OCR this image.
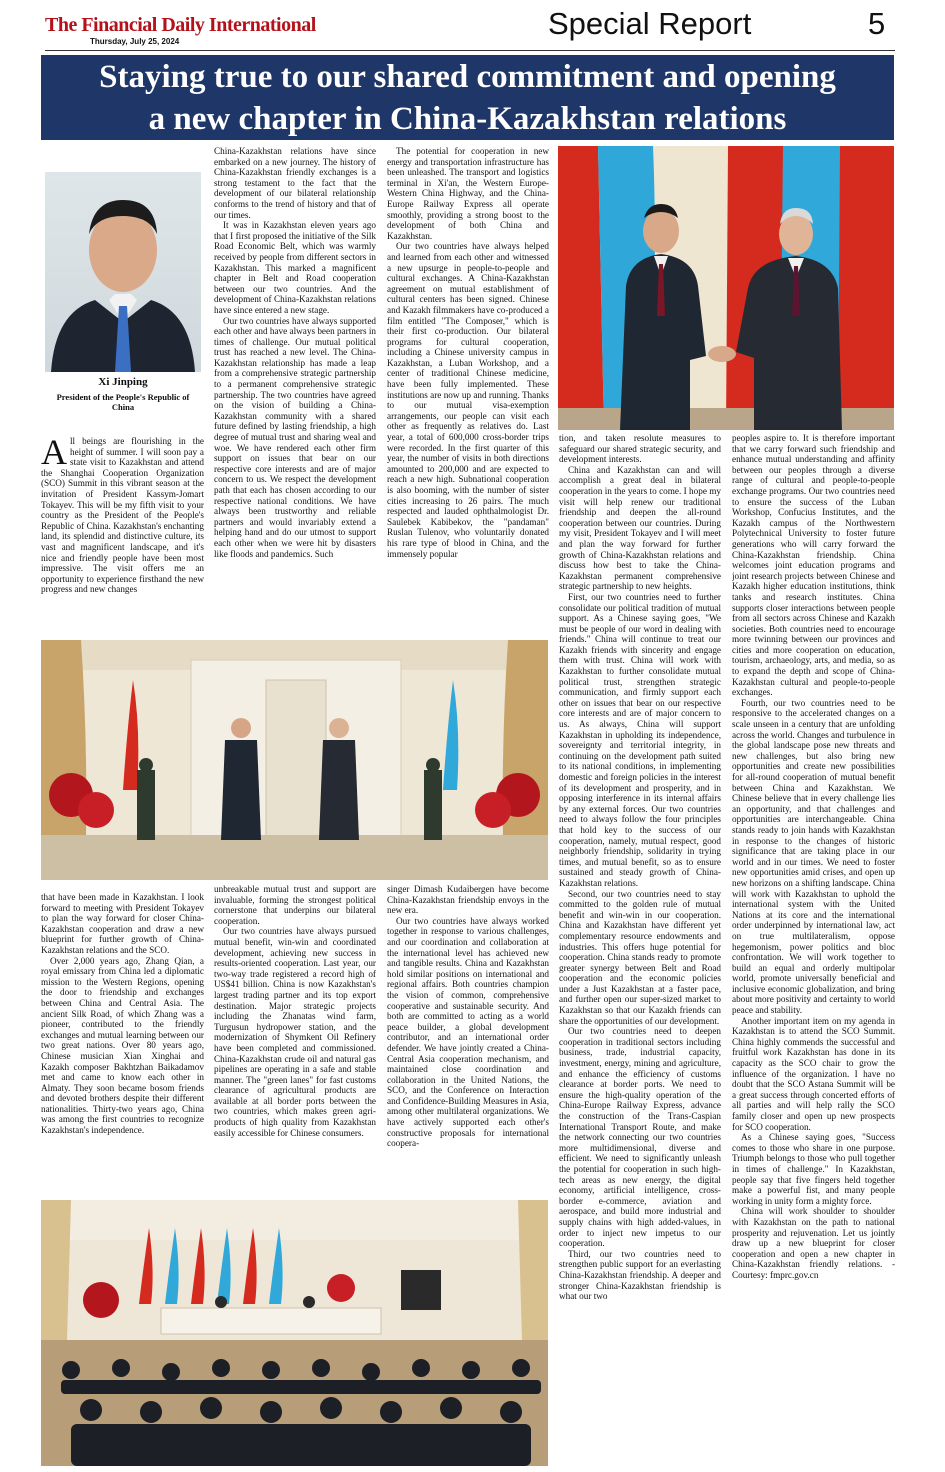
The Financial Daily International
Thursday, July 25, 2024
Special Report	5
Staying true to our shared commitment and opening
a new chapter in China-Kazakhstan relations
Xi Jinping
President of the People's Republic of China
All beings are flourishing in the height of summer. I will soon pay a state visit to Kazakhstan and attend the Shanghai Cooperation Organization (SCO) Summit in this vibrant season at the invitation of President Kassym-Jomart Tokayev. This will be my fifth visit to your country as the President of the People's Republic of China. Kazakhstan's enchanting land, its splendid and distinctive culture, its vast and magnificent landscape, and it's nice and friendly people have been most impressive. The visit offers me an opportunity to experience firsthand the new progress and new changes

China-Kazakhstan relations have since embarked on a new journey. The history of China-Kazakhstan friendly exchanges is a strong testament to the fact that the development of our bilateral relationship conforms to the trend of history and that of our times.

It was in Kazakhstan eleven years ago that I first proposed the initiative of the Silk Road Economic Belt, which was warmly received by people from different sectors in Kazakhstan. This marked a magnificent chapter in Belt and Road cooperation between our two countries. And the development of China-Kazakhstan relations have since entered a new stage.

Our two countries have always supported each other and have always been partners in times of challenge. Our mutual political trust has reached a new level. The China-Kazakhstan relationship has made a leap from a comprehensive strategic partnership to a permanent comprehensive strategic partnership. The two countries have agreed on the vision of building a China-Kazakhstan community with a shared future defined by lasting friendship, a high degree of mutual trust and sharing weal and woe. We have rendered each other firm support on issues that bear on our respective core interests and are of major concern to us. We respect the development path that each has chosen according to our respective national conditions. We have always been trustworthy and reliable partners and would invariably extend a helping hand and do our utmost to support each other when we were hit by disasters like floods and pandemics. Such

The potential for cooperation in new energy and transportation infrastructure has been unleashed. The transport and logistics terminal in Xi'an, the Western Europe-Western China Highway, and the China-Europe Railway Express all operate smoothly, providing a strong boost to the development of both China and Kazakhstan.

Our two countries have always helped and learned from each other and witnessed a new upsurge in people-to-people and cultural exchanges. A China-Kazakhstan agreement on mutual establishment of cultural centers has been signed. Chinese and Kazakh filmmakers have co-produced a film entitled "The Composer," which is their first co-production. Our bilateral programs for cultural cooperation, including a Chinese university campus in Kazakhstan, a Luban Workshop, and a center of traditional Chinese medicine, have been fully implemented. These institutions are now up and running. Thanks to our mutual visa-exemption arrangements, our people can visit each other as frequently as relatives do. Last year, a total of 600,000 cross-border trips were recorded. In the first quarter of this year, the number of visits in both directions amounted to 200,000 and are expected to reach a new high. Subnational cooperation is also booming, with the number of sister cities increasing to 26 pairs. The much respected and lauded ophthalmologist Dr. Saulebek Kabibekov, the "pandaman" Ruslan Tulenov, who voluntarily donated his rare type of blood in China, and the immensely popular

that have been made in Kazakhstan. I look forward to meeting with President Tokayev to plan the way forward for closer China-Kazakhstan cooperation and draw a new blueprint for further growth of China-Kazakhstan relations and the SCO.

Over 2,000 years ago, Zhang Qian, a royal emissary from China led a diplomatic mission to the Western Regions, opening the door to friendship and exchanges between China and Central Asia. The ancient Silk Road, of which Zhang was a pioneer, contributed to the friendly exchanges and mutual learning between our two great nations. Over 80 years ago, Chinese musician Xian Xinghai and Kazakh composer Bakhtzhan Baikadamov met and came to know each other in Almaty. They soon became bosom friends and devoted brothers despite their different nationalities. Thirty-two years ago, China was among the first countries to recognize Kazakhstan's independence.

unbreakable mutual trust and support are invaluable, forming the strongest political cornerstone that underpins our bilateral cooperation.

Our two countries have always pursued mutual benefit, win-win and coordinated development, achieving new success in results-oriented cooperation. Last year, our two-way trade registered a record high of US$41 billion. China is now Kazakhstan's largest trading partner and its top export destination. Major strategic projects including the Zhanatas wind farm, Turgusun hydropower station, and the modernization of Shymkent Oil Refinery have been completed and commissioned. China-Kazakhstan crude oil and natural gas pipelines are operating in a safe and stable manner. The "green lanes" for fast customs clearance of agricultural products are available at all border ports between the two countries, which makes green agri-products of high quality from Kazakhstan easily accessible for Chinese consumers.

singer Dimash Kudaibergen have become China-Kazakhstan friendship envoys in the new era.

Our two countries have always worked together in response to various challenges, and our coordination and collaboration at the international level has achieved new and tangible results. China and Kazakhstan hold similar positions on international and regional affairs. Both countries champion the vision of common, comprehensive cooperative and sustainable security. And both are committed to acting as a world peace builder, a global development contributor, and an international order defender. We have jointly created a China-Central Asia cooperation mechanism, and maintained close coordination and collaboration in the United Nations, the SCO, and the Conference on Interaction and Confidence-Building Measures in Asia, among other multilateral organizations. We have actively supported each other's constructive proposals for international coopera-

tion, and taken resolute measures to safeguard our shared strategic security, and development interests.

China and Kazakhstan can and will accomplish a great deal in bilateral cooperation in the years to come. I hope my visit will help renew our traditional friendship and deepen the all-round cooperation between our countries. During my visit, President Tokayev and I will meet and plan the way forward for further growth of China-Kazakhstan relations and discuss how best to take the China-Kazakhstan permanent comprehensive strategic partnership to new heights.

First, our two countries need to further consolidate our political tradition of mutual support. As a Chinese saying goes, "We must be people of our word in dealing with friends." China will continue to treat our Kazakh friends with sincerity and engage them with trust. China will work with Kazakhstan to further consolidate mutual political trust, strengthen strategic communication, and firmly support each other on issues that bear on our respective core interests and are of major concern to us. As always, China will support Kazakhstan in upholding its independence, sovereignty and territorial integrity, in continuing on the development path suited to its national conditions, in implementing domestic and foreign policies in the interest of its development and prosperity, and in opposing interference in its internal affairs by any external forces. Our two countries need to always follow the four principles that hold key to the success of our cooperation, namely, mutual respect, good neighborly friendship, solidarity in trying times, and mutual benefit, so as to ensure sustained and steady growth of China-Kazakhstan relations.

Second, our two countries need to stay committed to the golden rule of mutual benefit and win-win in our cooperation. China and Kazakhstan have different yet complementary resource endowments and industries. This offers huge potential for cooperation. China stands ready to promote greater synergy between Belt and Road cooperation and the economic policies under a Just Kazakhstan at a faster pace, and further open our super-sized market to Kazakhstan so that our Kazakh friends can share the opportunities of our development.

Our two countries need to deepen cooperation in traditional sectors including business, trade, industrial capacity, investment, energy, mining and agriculture, and enhance the efficiency of customs clearance at border ports. We need to ensure the high-quality operation of the China-Europe Railway Express, advance the construction of the Trans-Caspian International Transport Route, and make the network connecting our two countries more multidimensional, diverse and efficient. We need to significantly unleash the potential for cooperation in such high-tech areas as new energy, the digital economy, artificial intelligence, cross-border e-commerce, aviation and aerospace, and build more industrial and supply chains with high added-values, in order to inject new impetus to our cooperation.

Third, our two countries need to strengthen public support for an everlasting China-Kazakhstan friendship. A deeper and stronger China-Kazakhstan friendship is what our two

peoples aspire to. It is therefore important that we carry forward such friendship and enhance mutual understanding and affinity between our peoples through a diverse range of cultural and people-to-people exchange programs. Our two countries need to ensure the success of the Luban Workshop, Confucius Institutes, and the Kazakh campus of the Northwestern Polytechnical University to foster future generations who will carry forward the China-Kazakhstan friendship. China welcomes joint education programs and joint research projects between Chinese and Kazakh higher education institutions, think tanks and research institutes. China supports closer interactions between people from all sectors across Chinese and Kazakh societies. Both countries need to encourage more twinning between our provinces and cities and more cooperation on education, tourism, archaeology, arts, and media, so as to expand the depth and scope of China-Kazakhstan cultural and people-to-people exchanges.

Fourth, our two countries need to be responsive to the accelerated changes on a scale unseen in a century that are unfolding across the world. Changes and turbulence in the global landscape pose new threats and new challenges, but also bring new opportunities and create new possibilities for all-round cooperation of mutual benefit between China and Kazakhstan. We Chinese believe that in every challenge lies an opportunity, and that challenges and opportunities are interchangeable. China stands ready to join hands with Kazakhstan in response to the changes of historic significance that are taking place in our world and in our times. We need to foster new opportunities amid crises, and open up new horizons on a shifting landscape. China will work with Kazakhstan to uphold the international system with the United Nations at its core and the international order underpinned by international law, act on true multilateralism, oppose hegemonism, power politics and bloc confrontation. We will work together to build an equal and orderly multipolar world, promote universally beneficial and inclusive economic globalization, and bring about more positivity and certainty to world peace and stability.

Another important item on my agenda in Kazakhstan is to attend the SCO Summit. China highly commends the successful and fruitful work Kazakhstan has done in its capacity as the SCO chair to grow the influence of the organization. I have no doubt that the SCO Astana Summit will be a great success through concerted efforts of all parties and will help rally the SCO family closer and open up new prospects for SCO cooperation.

As a Chinese saying goes, "Success comes to those who share in one purpose. Triumph belongs to those who pull together in times of challenge." In Kazakhstan, people say that five fingers held together make a powerful fist, and many people working in unity form a mighty force.

China will work shoulder to shoulder with Kazakhstan on the path to national prosperity and rejuvenation. Let us jointly draw up a new blueprint for closer cooperation and open a new chapter in China-Kazakhstan friendly relations. - Courtesy: fmprc.gov.cn
